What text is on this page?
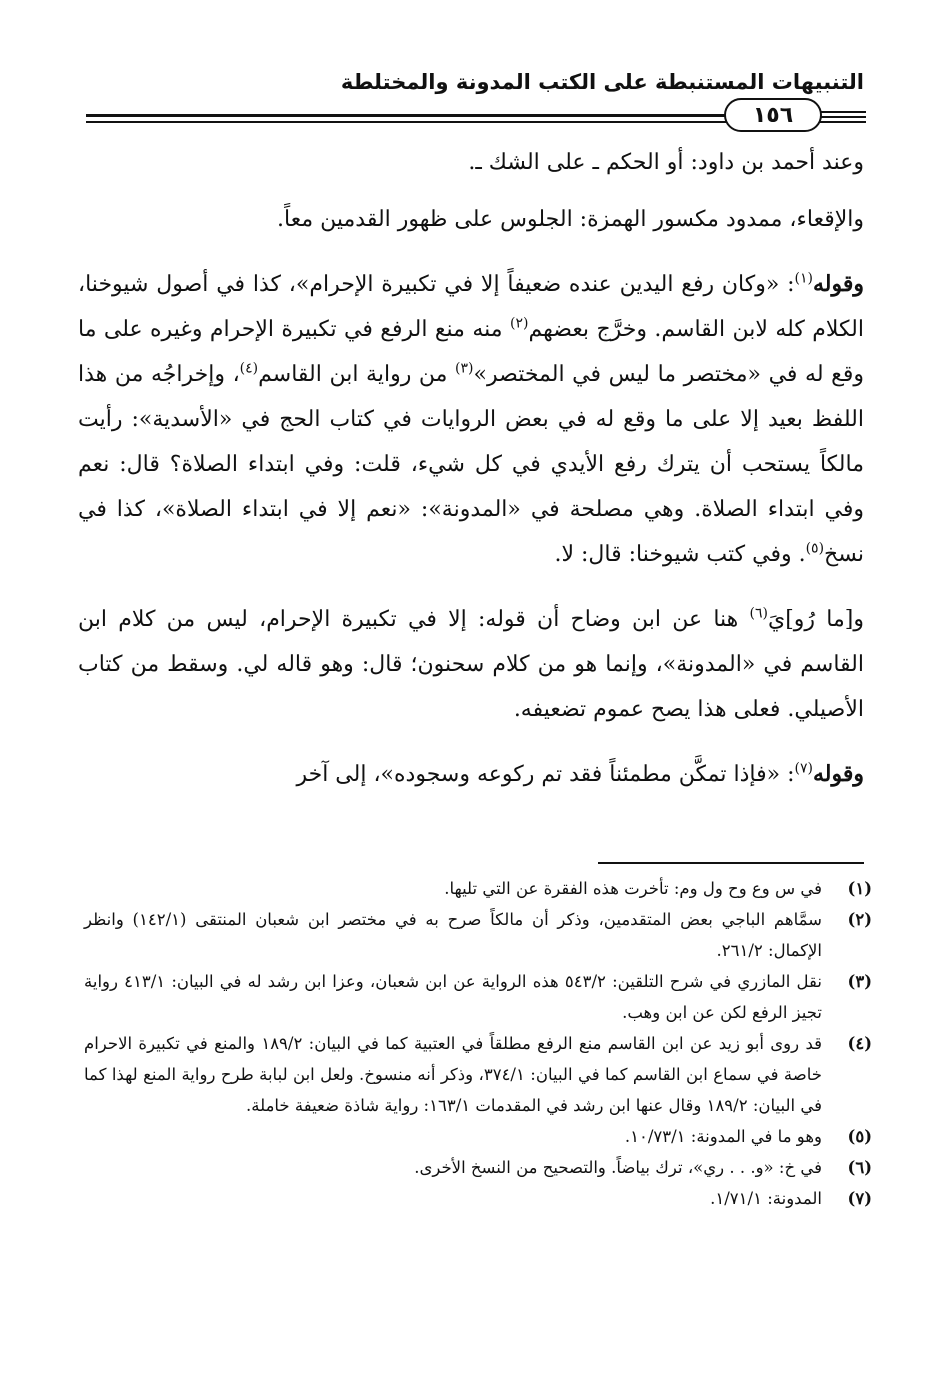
التنبيهات المستنبطة على الكتب المدونة والمختلطة
١٥٦

وعند أحمد بن داود: أو الحكم ـ على الشك ـ.

والإقعاء، ممدود مكسور الهمزة: الجلوس على ظهور القدمين معاً.

وقوله$^{(١)}$: «وكان رفع اليدين عنده ضعيفاً إلا في تكبيرة الإحرام»، كذا في أصول شيوخنا، الكلام كله لابن القاسم. وخرَّج بعضهم$^{(٢)}$ منه منع الرفع في تكبيرة الإحرام وغيره على ما وقع له في «مختصر ما ليس في المختصر»$^{(٣)}$ من رواية ابن القاسم$^{(٤)}$، وإخراجُه من هذا اللفظ بعيد إلا على ما وقع له في بعض الروايات في كتاب الحج في «الأسدية»: رأيت مالكاً يستحب أن يترك رفع الأيدي في كل شيء، قلت: وفي ابتداء الصلاة؟ قال: نعم وفي ابتداء الصلاة. وهي مصلحة في «المدونة»: «نعم إلا في ابتداء الصلاة»، كذا في نسخ$^{(٥)}$. وفي كتب شيوخنا: قال: لا.

و[ما رُو]يَ$^{(٦)}$ هنا عن ابن وضاح أن قوله: إلا في تكبيرة الإحرام، ليس من كلام ابن القاسم في «المدونة»، وإنما هو من كلام سحنون؛ قال: وهو قاله لي. وسقط من كتاب الأصيلي. فعلى هذا يصح عموم تضعيفه.

وقوله$^{(٧)}$: «فإذا تمكَّن مطمئناً فقد تم ركوعه وسجوده»، إلى آخر

(١)
في س وع وح ول وم: تأخرت هذه الفقرة عن التي تليها.
(٢)
سمَّاهم الباجي بعض المتقدمين، وذكر أن مالكاً صرح به في مختصر ابن شعبان المنتقى (١٤٢/١) وانظر الإكمال: ٢٦١/٢.
(٣)
نقل المازري في شرح التلقين: ٥٤٣/٢ هذه الرواية عن ابن شعبان، وعزا ابن رشد له في البيان: ٤١٣/١ رواية تجيز الرفع لكن عن ابن وهب.
(٤)
قد روى أبو زيد عن ابن القاسم منع الرفع مطلقاً في العتبية كما في البيان: ١٨٩/٢ والمنع في تكبيرة الاحرام خاصة في سماع ابن القاسم كما في البيان: ٣٧٤/١، وذكر أنه منسوخ. ولعل ابن لبابة طرح رواية المنع لهذا كما في البيان: ١٨٩/٢ وقال عنها ابن رشد في المقدمات ١٦٣/١: رواية شاذة ضعيفة خاملة.
(٥)
وهو ما في المدونة: ١٠/٧٣/١.
(٦)
في خ: «و. . . ري»، ترك بياضاً. والتصحيح من النسخ الأخرى.
(٧)
المدونة: ١/٧١/١.
